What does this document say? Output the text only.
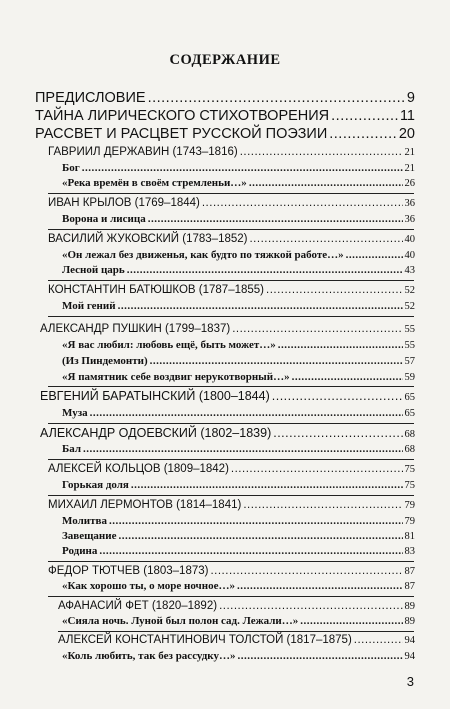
СОДЕРЖАНИЕ
ПРЕДИСЛОВИЕ .....	9
ТАЙНА ЛИРИЧЕСКОГО СТИХОТВОРЕНИЯ .....	11
РАССВЕТ И РАСЦВЕТ РУССКОЙ ПОЭЗИИ .....	20
ГАВРИИЛ ДЕРЖАВИН (1743–1816) .....	21
Бог .....	21
«Река времён в своём стремленьи…» .....	26
ИВАН КРЫЛОВ (1769–1844) .....	36
Ворона и лисица .....	36
ВАСИЛИЙ ЖУКОВСКИЙ (1783–1852) .....	40
«Он лежал без движенья, как будто по тяжкой работе…» .....	40
Лесной царь .....	43
КОНСТАНТИН БАТЮШКОВ (1787–1855) .....	52
Мой гений .....	52
АЛЕКСАНДР ПУШКИН (1799–1837) .....	55
«Я вас любил: любовь ещё, быть может…» .....	55
(Из Пиндемонти) .....	57
«Я памятник себе воздвиг нерукотворный…» .....	59
ЕВГЕНИЙ БАРАТЫНСКИЙ (1800–1844) .....	65
Муза .....	65
АЛЕКСАНДР ОДОЕВСКИЙ (1802–1839) .....	68
Бал .....	68
АЛЕКСЕЙ КОЛЬЦОВ (1809–1842) .....	75
Горькая доля .....	75
МИХАИЛ ЛЕРМОНТОВ (1814–1841) .....	79
Молитва .....	79
Завещание .....	81
Родина .....	83
ФЕДОР ТЮТЧЕВ (1803–1873) .....	87
«Как хорошо ты, о море ночное…» .....	87
АФАНАСИЙ ФЕТ (1820–1892) .....	89
«Сияла ночь. Луной был полон сад. Лежали…» .....	89
АЛЕКСЕЙ КОНСТАНТИНОВИЧ ТОЛСТОЙ (1817–1875) .....	94
«Коль любить, так без рассудку…» .....	94
3
